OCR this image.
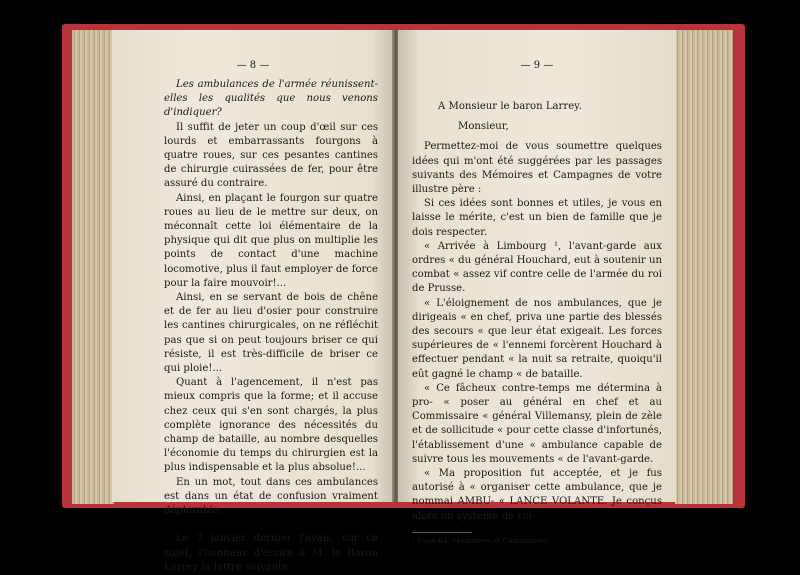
— 8 —

Les ambulances de l'armée réunissent-elles les qualités que nous venons d'indiquer?

Il suffit de jeter un coup d'œil sur ces lourds et embarrassants fourgons à quatre roues, sur ces pesantes cantines de chirurgie cuirassées de fer, pour être assuré du contraire.

Ainsi, en plaçant le fourgon sur quatre roues au lieu de le mettre sur deux, on méconnaît cette loi élémentaire de la physique qui dit que plus on multiplie les points de contact d'une machine locomotive, plus il faut employer de force pour la faire mouvoir!...

Ainsi, en se servant de bois de chêne et de fer au lieu d'osier pour construire les cantines chirurgicales, on ne réfléchit pas que si on peut toujours briser ce qui résiste, il est très-difficile de briser ce qui ploie!...

Quant à l'agencement, il n'est pas mieux compris que la forme; et il accuse chez ceux qui s'en sont chargés, la plus complète ignorance des nécessités du champ de bataille, au nombre desquelles l'économie du temps du chirurgien est la plus indispensable et la plus absolue!...

En un mot, tout dans ces ambulances est dans un état de confusion vraiment déplorable.

Le 7 janvier dernier j'avais, sur ce sujet, l'honneur d'écrire à M. le Baron Larrey la lettre suivante :

— 9 —

A Monsieur le baron Larrey.

Monsieur,

Permettez-moi de vous soumettre quelques idées qui m'ont été suggérées par les passages suivants des Mémoires et Campagnes de votre illustre père :

Si ces idées sont bonnes et utiles, je vous en laisse le mérite, c'est un bien de famille que je dois respecter.

« Arrivée à Limbourg ¹, l'avant-garde aux ordres « du général Houchard, eut à soutenir un combat « assez vif contre celle de l'armée du roi de Prusse.

« L'éloignement de nos ambulances, que je dirigeais « en chef, priva une partie des blessés des secours « que leur état exigeait. Les forces supérieures de « l'ennemi forcèrent Houchard à effectuer pendant « la nuit sa retraite, quoiqu'il eût gagné le champ « de bataille.

« Ce fâcheux contre-temps me détermina à pro- « poser au général en chef et au Commissaire « général Villemansy, plein de zèle et de sollicitude « pour cette classe d'infortunés, l'établissement d'une « ambulance capable de suivre tous les mouvements « de l'avant-garde.

« Ma proposition fut acceptée, et je fus autorisé à « organiser cette ambulance, que je nommai AMBU- « LANCE VOLANTE. Je conçus alors un système de voi-

¹ Page 64, Mémoires et Campagnes.
